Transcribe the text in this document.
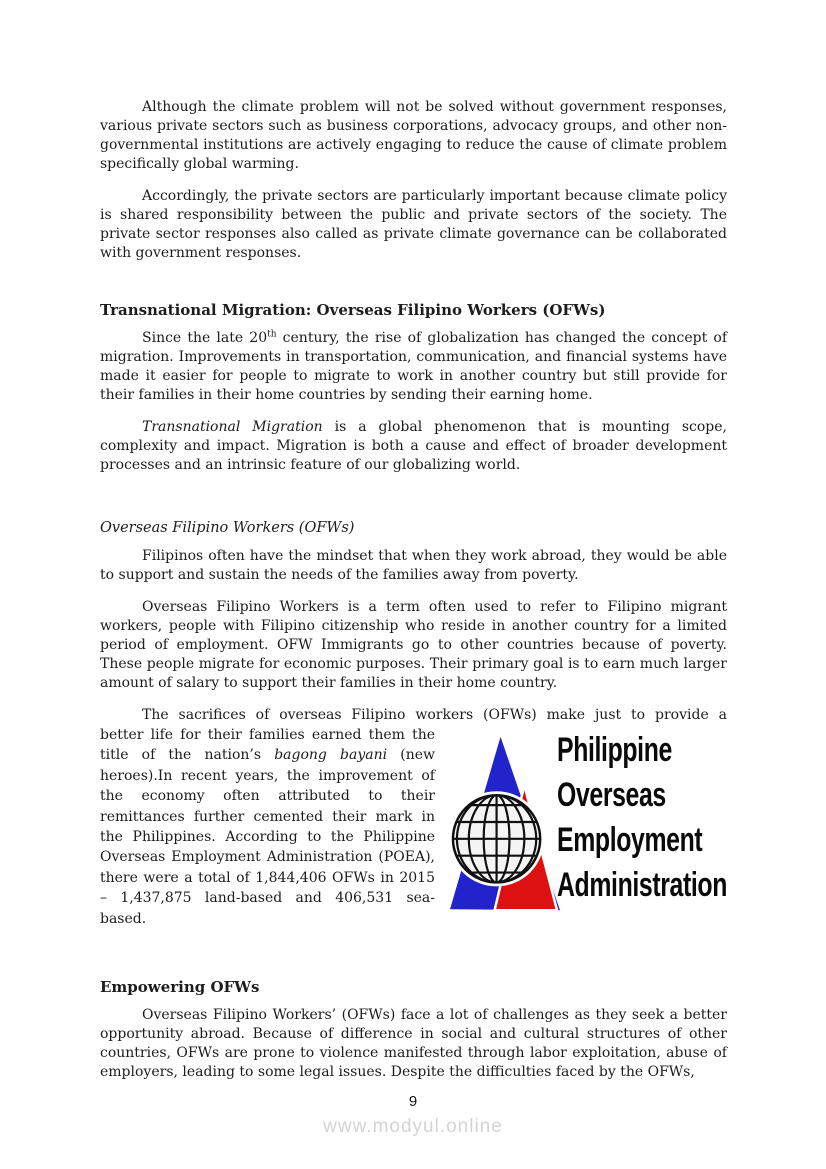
Although the climate problem will not be solved without government responses, various private sectors such as business corporations, advocacy groups, and other non-governmental institutions are actively engaging to reduce the cause of climate problem specifically global warming.

Accordingly, the private sectors are particularly important because climate policy is shared responsibility between the public and private sectors of the society. The private sector responses also called as private climate governance can be collaborated with government responses.

Transnational Migration: Overseas Filipino Workers (OFWs)

Since the late 20th century, the rise of globalization has changed the concept of migration. Improvements in transportation, communication, and financial systems have made it easier for people to migrate to work in another country but still provide for their families in their home countries by sending their earning home.

Transnational Migration is a global phenomenon that is mounting scope, complexity and impact. Migration is both a cause and effect of broader development processes and an intrinsic feature of our globalizing world.

Overseas Filipino Workers (OFWs)

Filipinos often have the mindset that when they work abroad, they would be able to support and sustain the needs of the families away from poverty.

Overseas Filipino Workers is a term often used to refer to Filipino migrant workers, people with Filipino citizenship who reside in another country for a limited period of employment. OFW Immigrants go to other countries because of poverty. These people migrate for economic purposes. Their primary goal is to earn much larger amount of salary to support their families in their home country.

The sacrifices of overseas Filipino workers (OFWs) make just to provide a

Philippine
Overseas
Employment
Administration

better life for their families earned them the title of the nation’s bagong bayani (new heroes).In recent years, the improvement of the economy often attributed to their remittances further cemented their mark in the Philippines. According to the Philippine Overseas Employment Administration (POEA), there were a total of 1,844,406 OFWs in 2015 – 1,437,875 land-based and 406,531 sea-based.

Empowering OFWs

Overseas Filipino Workers’ (OFWs) face a lot of challenges as they seek a better opportunity abroad. Because of difference in social and cultural structures of other countries, OFWs are prone to violence manifested through labor exploitation, abuse of employers, leading to some legal issues. Despite the difficulties faced by the OFWs,

9
www.modyul.online
